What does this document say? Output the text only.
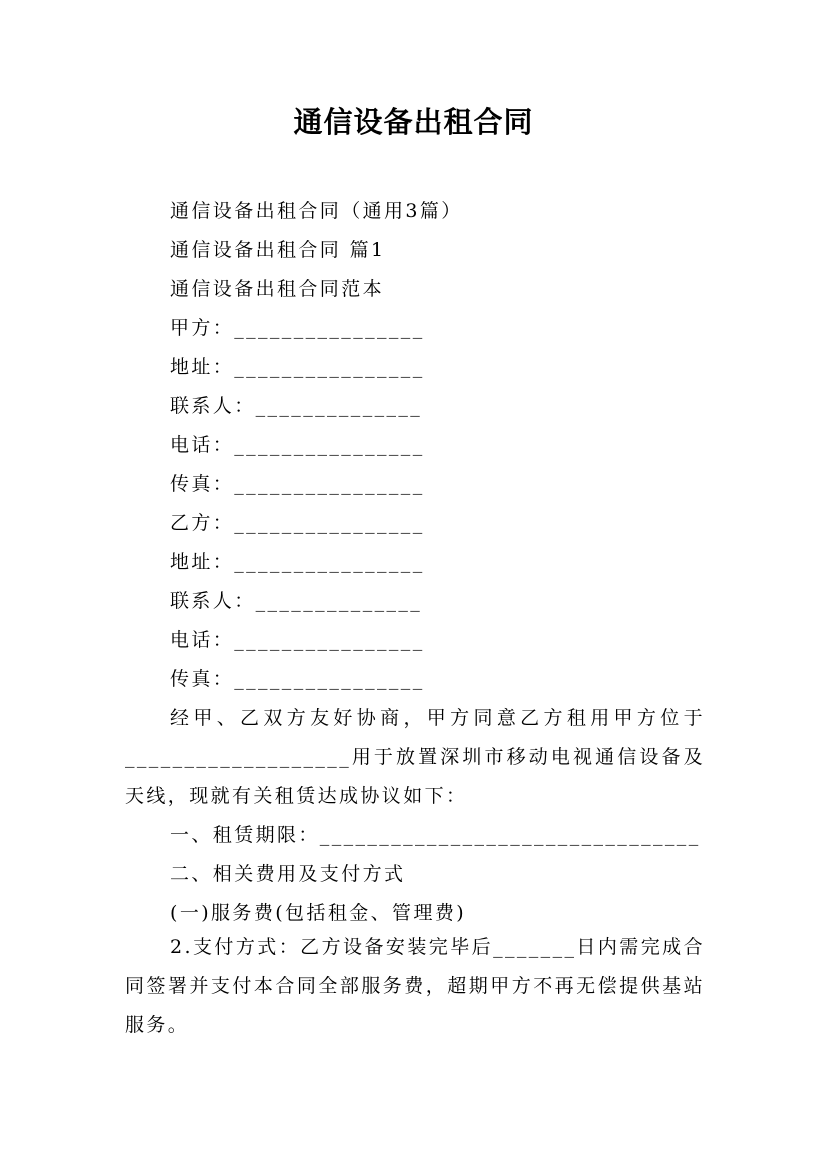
通信设备出租合同
通信设备出租合同（通用3篇）
通信设备出租合同 篇1
通信设备出租合同范本
甲方：________________
地址：________________
联系人：______________
电话：________________
传真：________________
乙方：________________
地址：________________
联系人：______________
电话：________________
传真：________________
经甲、乙双方友好协商，甲方同意乙方租用甲方位于___________________用于放置深圳市移动电视通信设备及天线，现就有关租赁达成协议如下：
一、租赁期限：________________________________
二、相关费用及支付方式
(一)服务费(包括租金、管理费)
2.支付方式：乙方设备安装完毕后_______日内需完成合同签署并支付本合同全部服务费，超期甲方不再无偿提供基站服务。
